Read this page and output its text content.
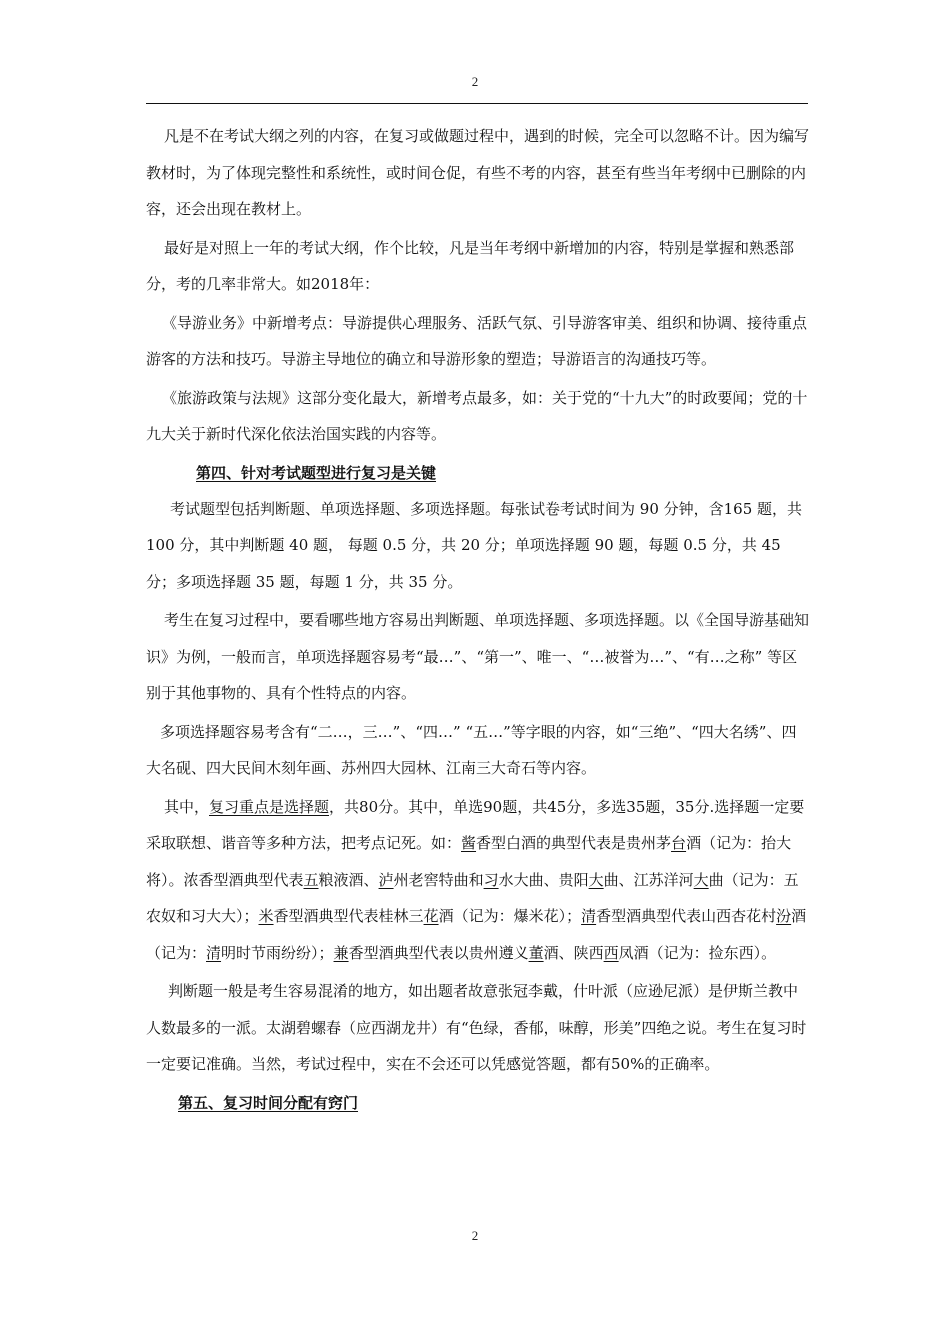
2

凡是不在考试大纲之列的内容，在复习或做题过程中，遇到的时候，完全可以忽略不计。因为编写教材时，为了体现完整性和系统性，或时间仓促，有些不考的内容，甚至有些当年考纲中已删除的内容，还会出现在教材上。

最好是对照上一年的考试大纲，作个比较，凡是当年考纲中新增加的内容，特别是掌握和熟悉部分，考的几率非常大。如2018年：

《导游业务》中新增考点：导游提供心理服务、活跃气氛、引导游客审美、组织和协调、接待重点游客的方法和技巧。导游主导地位的确立和导游形象的塑造；导游语言的沟通技巧等。

《旅游政策与法规》这部分变化最大，新增考点最多，如：关于党的“十九大”的时政要闻；党的十九大关于新时代深化依法治国实践的内容等。

第四、针对考试题型进行复习是关键

考试题型包括判断题、单项选择题、多项选择题。每张试卷考试时间为 90 分钟，含165 题，共 100 分，其中判断题 40 题， 每题 0.5 分，共 20 分；单项选择题 90 题，每题 0.5 分，共 45 分；多项选择题 35 题，每题 1 分，共 35 分。

考生在复习过程中，要看哪些地方容易出判断题、单项选择题、多项选择题。以《全国导游基础知识》为例，一般而言，单项选择题容易考“最…”、“第一”、唯一、“…被誉为…”、“有…之称” 等区别于其他事物的、具有个性特点的内容。

多项选择题容易考含有“二…，三…”、“四…” “五…”等字眼的内容，如“三绝”、“四大名绣”、四大名砚、四大民间木刻年画、苏州四大园林、江南三大奇石等内容。

其中，复习重点是选择题，共80分。其中，单选90题，共45分，多选35题，35分.选择题一定要采取联想、谐音等多种方法，把考点记死。如：酱香型白酒的典型代表是贵州茅台酒（记为：抬大将）。浓香型酒典型代表五粮液酒、泸州老窖特曲和习水大曲、贵阳大曲、江苏洋河大曲（记为：五农奴和习大大）；米香型酒典型代表桂林三花酒（记为：爆米花）；清香型酒典型代表山西杏花村汾酒（记为：清明时节雨纷纷）；兼香型酒典型代表以贵州遵义董酒、陕西西凤酒（记为：捡东西）。

判断题一般是考生容易混淆的地方，如出题者故意张冠李戴，什叶派（应逊尼派）是伊斯兰教中人数最多的一派。太湖碧螺春（应西湖龙井）有“色绿，香郁，味醇，形美”四绝之说。考生在复习时一定要记准确。当然，考试过程中，实在不会还可以凭感觉答题，都有50%的正确率。

第五、复习时间分配有窍门
2
